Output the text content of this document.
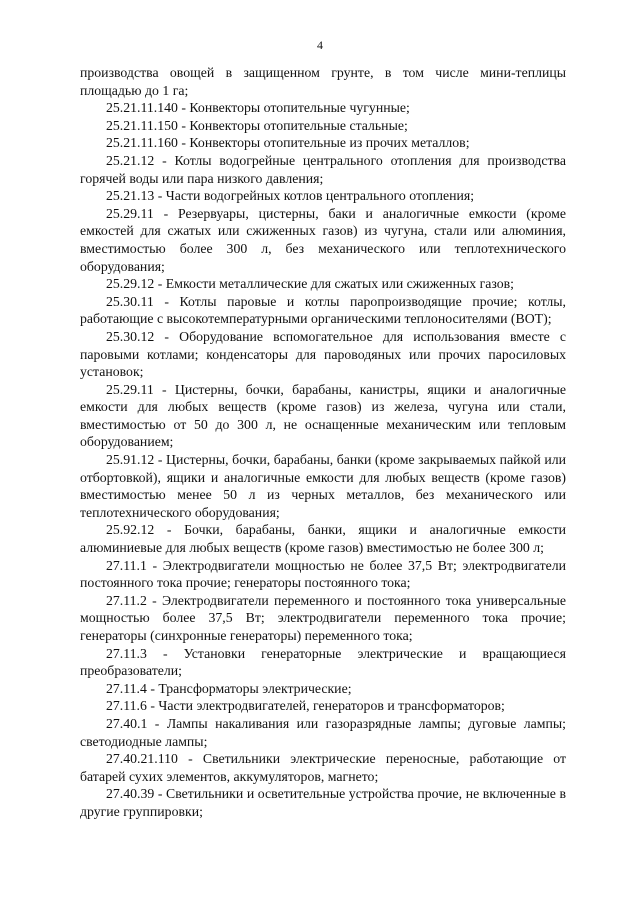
4

производства овощей в защищенном грунте, в том числе мини-теплицы площадью до 1 га;

25.21.11.140 - Конвекторы отопительные чугунные;

25.21.11.150 - Конвекторы отопительные стальные;

25.21.11.160 - Конвекторы отопительные из прочих металлов;

25.21.12 - Котлы водогрейные центрального отопления для производства горячей воды или пара низкого давления;

25.21.13 - Части водогрейных котлов центрального отопления;

25.29.11 - Резервуары, цистерны, баки и аналогичные емкости (кроме емкостей для сжатых или сжиженных газов) из чугуна, стали или алюминия, вместимостью более 300 л, без механического или теплотехнического оборудования;

25.29.12 - Емкости металлические для сжатых или сжиженных газов;

25.30.11 - Котлы паровые и котлы паропроизводящие прочие; котлы, работающие с высокотемпературными органическими теплоносителями (ВОТ);

25.30.12 - Оборудование вспомогательное для использования вместе с паровыми котлами; конденсаторы для пароводяных или прочих паросиловых установок;

25.29.11 - Цистерны, бочки, барабаны, канистры, ящики и аналогичные емкости для любых веществ (кроме газов) из железа, чугуна или стали, вместимостью от 50 до 300 л, не оснащенные механическим или тепловым оборудованием;

25.91.12 - Цистерны, бочки, барабаны, банки (кроме закрываемых пайкой или отбортовкой), ящики и аналогичные емкости для любых веществ (кроме газов) вместимостью менее 50 л из черных металлов, без механического или теплотехнического оборудования;

25.92.12 - Бочки, барабаны, банки, ящики и аналогичные емкости алюминиевые для любых веществ (кроме газов) вместимостью не более 300 л;

27.11.1 - Электродвигатели мощностью не более 37,5 Вт; электродвигатели постоянного тока прочие; генераторы постоянного тока;

27.11.2 - Электродвигатели переменного и постоянного тока универсальные мощностью более 37,5 Вт; электродвигатели переменного тока прочие; генераторы (синхронные генераторы) переменного тока;

27.11.3 - Установки генераторные электрические и вращающиеся преобразователи;

27.11.4 - Трансформаторы электрические;

27.11.6 - Части электродвигателей, генераторов и трансформаторов;

27.40.1 - Лампы накаливания или газоразрядные лампы; дуговые лампы; светодиодные лампы;

27.40.21.110 - Светильники электрические переносные, работающие от батарей сухих элементов, аккумуляторов, магнето;

27.40.39 - Светильники и осветительные устройства прочие, не включенные в другие группировки;
